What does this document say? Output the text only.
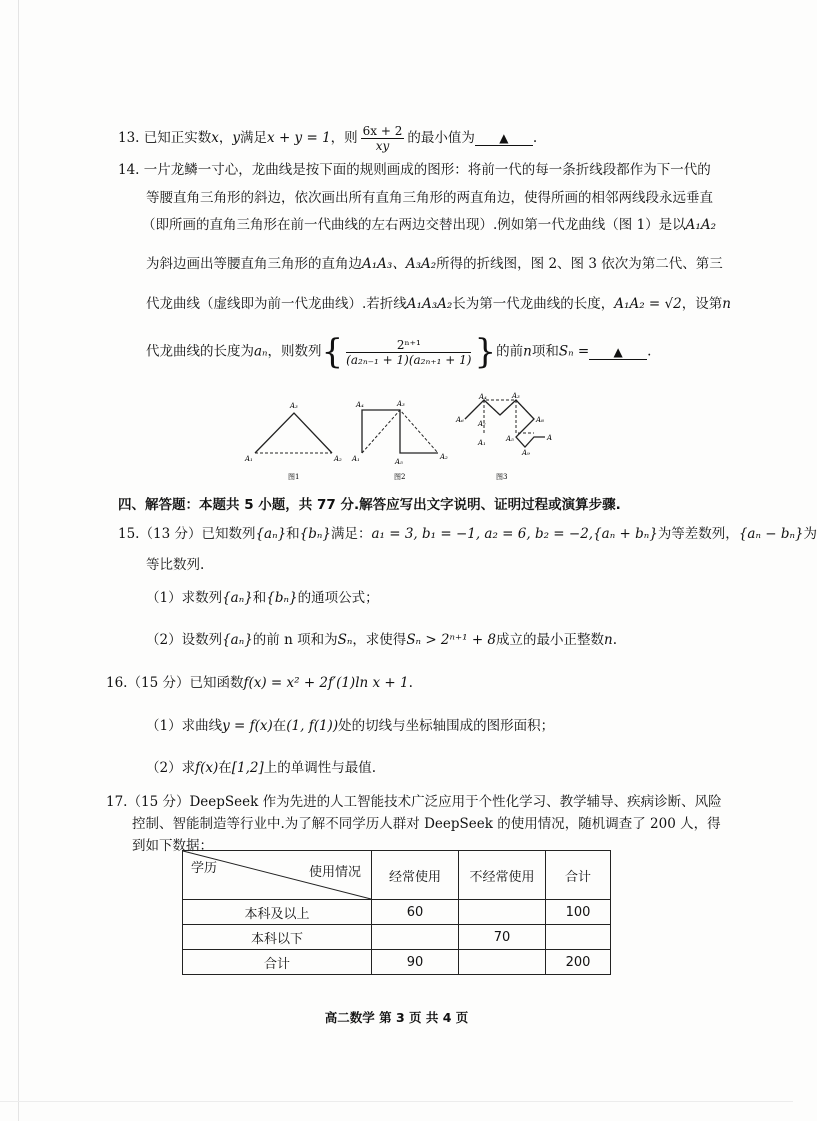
13. 已知正实数x，y满足x + y = 1，则 $\frac{6x + 2}{xy}$ 的最小值为 ▲ .
14. 一片龙鳞一寸心，龙曲线是按下面的规则画成的图形：将前一代的每一条折线段都作为下一代的
等腰直角三角形的斜边，依次画出所有直角三角形的两直角边，使得所画的相邻两线段永远垂直
（即所画的直角三角形在前一代曲线的左右两边交替出现）.例如第一代龙曲线（图 1）是以A₁A₂
为斜边画出等腰直角三角形的直角边A₁A₃、A₃A₂所得的折线图，图 2、图 3 依次为第二代、第三
代龙曲线（虚线即为前一代龙曲线）.若折线A₁A₃A₂长为第一代龙曲线的长度，A₁A₂ = √2，设第n
代龙曲线的长度为aₙ，则数列{ $\frac{\text{2ⁿ⁺¹}}{\text{(a₂ₙ₋₁ + 1)(a₂ₙ₊₁ + 1)}}$ }的前n项和Sₙ = ▲ .
A₁	A₂
A₃
图1
A₁
A₄	A₃
A₅
A₂
图2
A₄	A₃
A₆ A₇	A₈
A₁	A₅	A
A₉
图3
四、解答题：本题共 5 小题，共 77 分.解答应写出文字说明、证明过程或演算步骤.
15.（13 分）已知数列{aₙ}和{bₙ}满足：a₁ = 3, b₁ = −1, a₂ = 6, b₂ = −2,{aₙ + bₙ}为等差数列，{aₙ − bₙ}为
等比数列.
（1）求数列{aₙ}和{bₙ}的通项公式；
（2）设数列{aₙ}的前 n 项和为Sₙ，求使得Sₙ > 2ⁿ⁺¹ + 8成立的最小正整数n.
16.（15 分）已知函数f(x) = x² + 2f′(1)ln x + 1.
（1）求曲线y = f(x)在(1, f(1))处的切线与坐标轴围成的图形面积；
（2）求f(x)在[1,2]上的单调性与最值.
17.（15 分）DeepSeek 作为先进的人工智能技术广泛应用于个性化学习、教学辅导、疾病诊断、风险
控制、智能制造等行业中.为了解不同学历人群对 DeepSeek 的使用情况，随机调查了 200 人，得
到如下数据：
学历 使用情况	经常使用	不经常使用	合计
本科及以上	60		100
本科以下		70	
合计	90		200
高二数学 第 3 页 共 4 页
